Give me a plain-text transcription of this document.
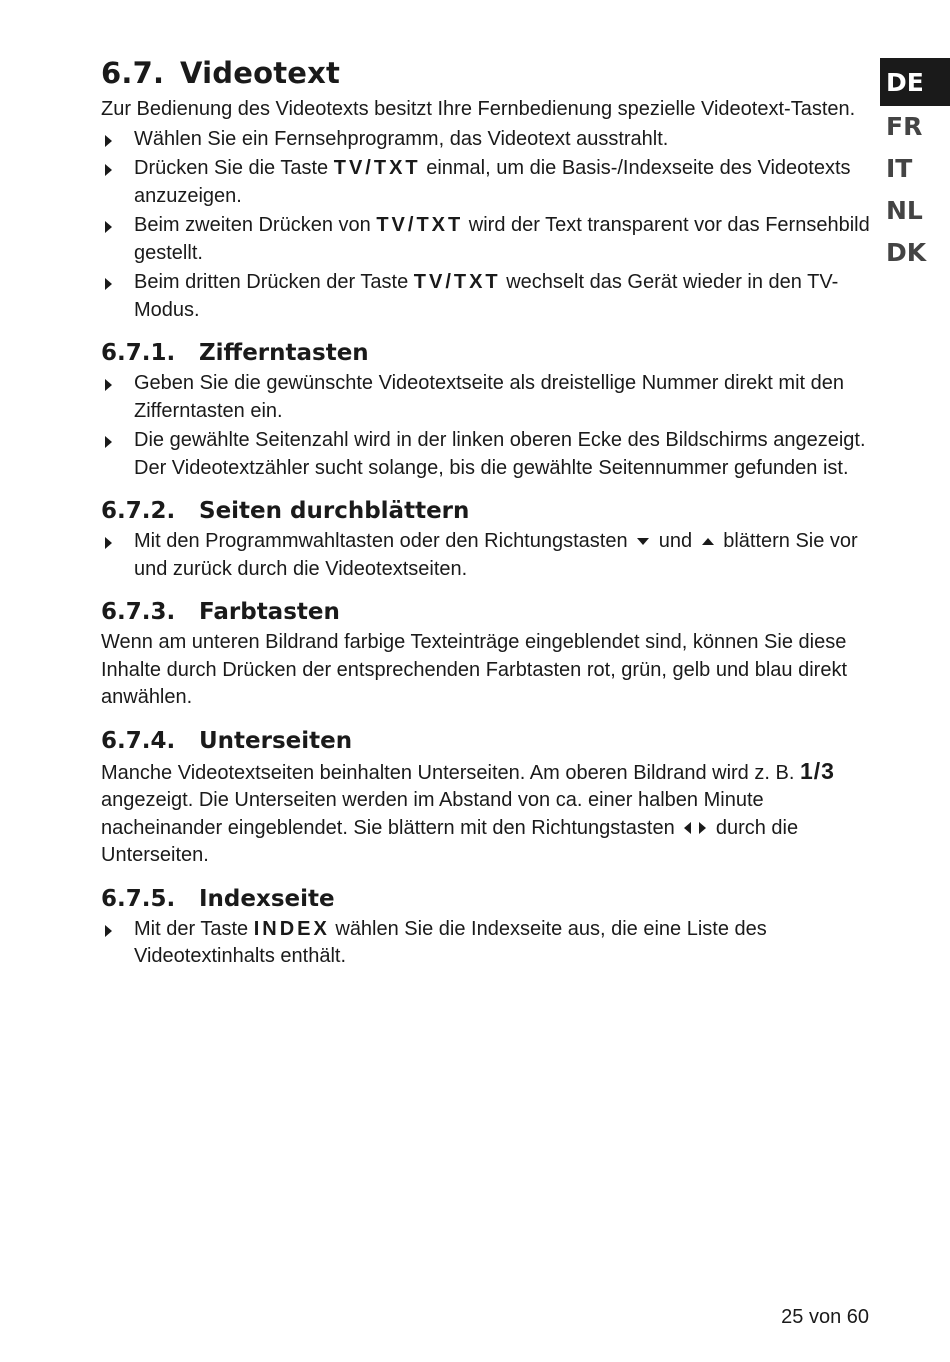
DE
FR
IT
NL
DK
6.7. Videotext

Zur Bedienung des Videotexts besitzt Ihre Fernbedienung spezielle Videotext-Tasten.

Wählen Sie ein Fernsehprogramm, das Videotext ausstrahlt.
Drücken Sie die Taste TV/TXT einmal, um die Basis-/Indexseite des Videotexts anzuzeigen.
Beim zweiten Drücken von TV/TXT wird der Text transparent vor das Fernsehbild gestellt.
Beim dritten Drücken der Taste TV/TXT wechselt das Gerät wieder in den TV-Modus.
6.7.1. Zifferntasten
Geben Sie die gewünschte Videotextseite als dreistellige Nummer direkt mit den Zifferntasten ein.
Die gewählte Seitenzahl wird in der linken oberen Ecke des Bildschirms angezeigt. Der Videotextzähler sucht solange, bis die gewählte Seitennummer gefunden ist.
6.7.2. Seiten durchblättern
Mit den Programmwahltasten oder den Richtungstasten  und  blättern Sie vor und zurück durch die Videotextseiten.
6.7.3. Farbtasten

Wenn am unteren Bildrand farbige Texteinträge eingeblendet sind, können Sie diese Inhalte durch Drücken der entsprechenden Farbtasten rot, grün, gelb und blau direkt anwählen.

6.7.4. Unterseiten

Manche Videotextseiten beinhalten Unterseiten. Am oberen Bildrand wird z. B. 1/3 angezeigt. Die Unterseiten werden im Abstand von ca. einer halben Minute nacheinander eingeblendet. Sie blättern mit den Richtungstasten  durch die Unterseiten.

6.7.5. Indexseite
Mit der Taste INDEX wählen Sie die Indexseite aus, die eine Liste des Videotextinhalts enthält.
25 von 60
